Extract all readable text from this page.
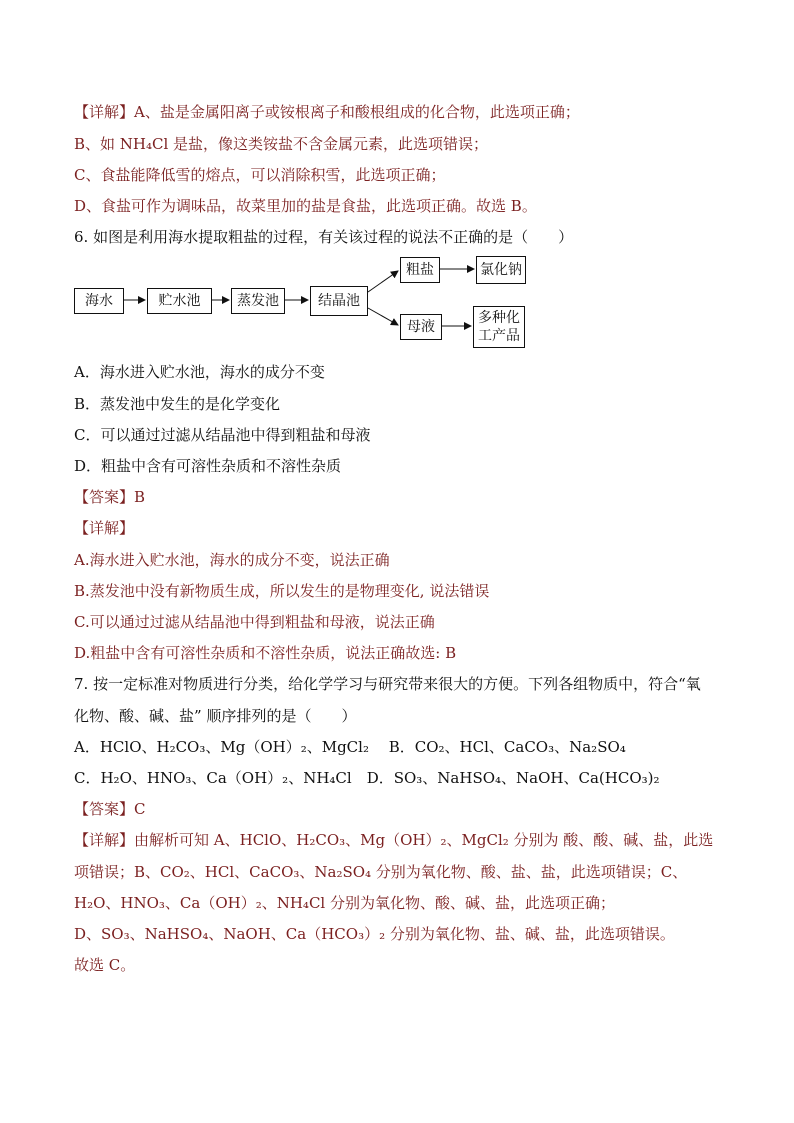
【详解】A、盐是金属阳离子或铵根离子和酸根组成的化合物，此选项正确；
B、如 NH₄Cl 是盐，像这类铵盐不含金属元素，此选项错误；
C、食盐能降低雪的熔点，可以消除积雪，此选项正确；
D、食盐可作为调味品，故菜里加的盐是食盐，此选项正确。故选 B。
6. 如图是利用海水提取粗盐的过程，有关该过程的说法不正确的是（　　）
海水	贮水池	蒸发池	结晶池
粗盐	氯化钠
母液
多种化工产品
A．海水进入贮水池，海水的成分不变
B．蒸发池中发生的是化学变化
C．可以通过过滤从结晶池中得到粗盐和母液
D．粗盐中含有可溶性杂质和不溶性杂质
【答案】B
【详解】
A.海水进入贮水池，海水的成分不变，说法正确
B.蒸发池中没有新物质生成，所以发生的是物理变化, 说法错误
C.可以通过过滤从结晶池中得到粗盐和母液，说法正确
D.粗盐中含有可溶性杂质和不溶性杂质，说法正确故选: B
7. 按一定标准对物质进行分类，给化学学习与研究带来很大的方便。下列各组物质中，符合“氧
化物、酸、碱、盐” 顺序排列的是（　　）
A．HClO、H₂CO₃、Mg（OH）₂、MgCl₂　 B．CO₂、HCl、CaCO₃、Na₂SO₄
C．H₂O、HNO₃、Ca（OH）₂、NH₄Cl　D．SO₃、NaHSO₄、NaOH、Ca(HCO₃)₂
【答案】C
【详解】由解析可知 A、HClO、H₂CO₃、Mg（OH）₂、MgCl₂ 分别为 酸、酸、碱、盐，此选
项错误；B、CO₂、HCl、CaCO₃、Na₂SO₄ 分别为氧化物、酸、盐、盐，此选项错误；C、
H₂O、HNO₃、Ca（OH）₂、NH₄Cl 分别为氧化物、酸、碱、盐，此选项正确；
D、SO₃、NaHSO₄、NaOH、Ca（HCO₃）₂ 分别为氧化物、盐、碱、盐，此选项错误。
故选 C。
